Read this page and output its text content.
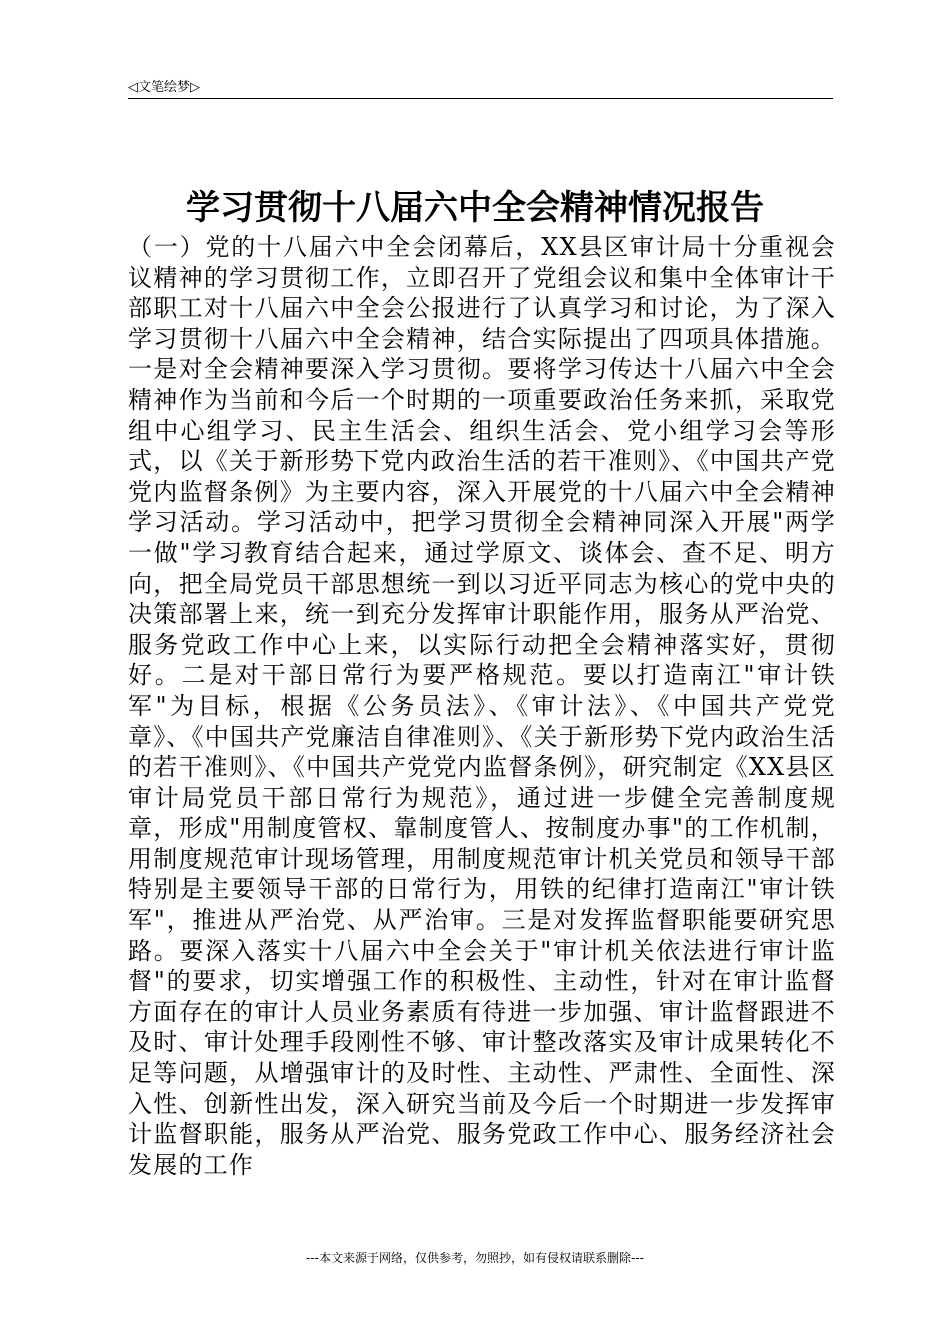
◁文笔绘梦▷
学习贯彻十八届六中全会精神情况报告

（一）党的十八届六中全会闭幕后，XX县区审计局十分重视会议精神的学习贯彻工作，立即召开了党组会议和集中全体审计干部职工对十八届六中全会公报进行了认真学习和讨论，为了深入学习贯彻十八届六中全会精神，结合实际提出了四项具体措施。一是对全会精神要深入学习贯彻。要将学习传达十八届六中全会精神作为当前和今后一个时期的一项重要政治任务来抓，采取党组中心组学习、民主生活会、组织生活会、党小组学习会等形式，以《关于新形势下党内政治生活的若干准则》、《中国共产党党内监督条例》为主要内容，深入开展党的十八届六中全会精神学习活动。学习活动中，把学习贯彻全会精神同深入开展"两学一做"学习教育结合起来，通过学原文、谈体会、查不足、明方向，把全局党员干部思想统一到以习近平同志为核心的党中央的决策部署上来，统一到充分发挥审计职能作用，服务从严治党、服务党政工作中心上来，以实际行动把全会精神落实好，贯彻好。二是对干部日常行为要严格规范。要以打造南江"审计铁军"为目标，根据《公务员法》、《审计法》、《中国共产党党章》、《中国共产党廉洁自律准则》、《关于新形势下党内政治生活的若干准则》、《中国共产党党内监督条例》，研究制定《XX县区审计局党员干部日常行为规范》，通过进一步健全完善制度规章，形成"用制度管权、靠制度管人、按制度办事"的工作机制，用制度规范审计现场管理，用制度规范审计机关党员和领导干部特别是主要领导干部的日常行为，用铁的纪律打造南江"审计铁军"，推进从严治党、从严治审。三是对发挥监督职能要研究思路。要深入落实十八届六中全会关于"审计机关依法进行审计监督"的要求，切实增强工作的积极性、主动性，针对在审计监督方面存在的审计人员业务素质有待进一步加强、审计监督跟进不及时、审计处理手段刚性不够、审计整改落实及审计成果转化不足等问题，从增强审计的及时性、主动性、严肃性、全面性、深入性、创新性出发，深入研究当前及今后一个时期进一步发挥审计监督职能，服务从严治党、服务党政工作中心、服务经济社会发展的工作

---本文来源于网络，仅供参考，勿照抄，如有侵权请联系删除---
